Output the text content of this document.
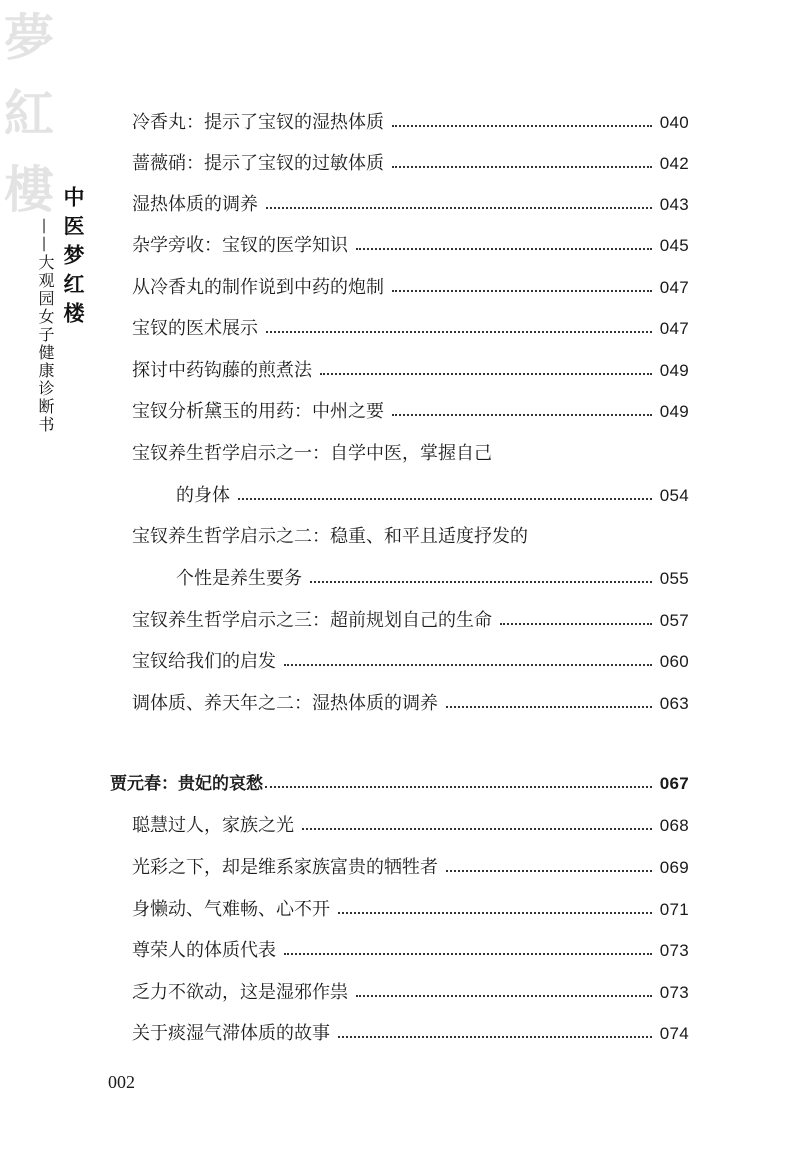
夢
紅
樓 中医梦红楼
——大观园女子健康诊断书
冷香丸：提示了宝钗的湿热体质	040
蔷薇硝：提示了宝钗的过敏体质	042
湿热体质的调养	043
杂学旁收：宝钗的医学知识	045
从冷香丸的制作说到中药的炮制	047
宝钗的医术展示	047
探讨中药钩藤的煎煮法	049
宝钗分析黛玉的用药：中州之要	049
宝钗养生哲学启示之一：自学中医，掌握自己
的身体	054
宝钗养生哲学启示之二：稳重、和平且适度抒发的
个性是养生要务	055
宝钗养生哲学启示之三：超前规划自己的生命	057
宝钗给我们的启发	060
调体质、养天年之二：湿热体质的调养	063
贾元春：贵妃的哀愁	067
聪慧过人，家族之光	068
光彩之下，却是维系家族富贵的牺牲者	069
身懒动、气难畅、心不开	071
尊荣人的体质代表	073
乏力不欲动，这是湿邪作祟	073
关于痰湿气滞体质的故事	074
002
